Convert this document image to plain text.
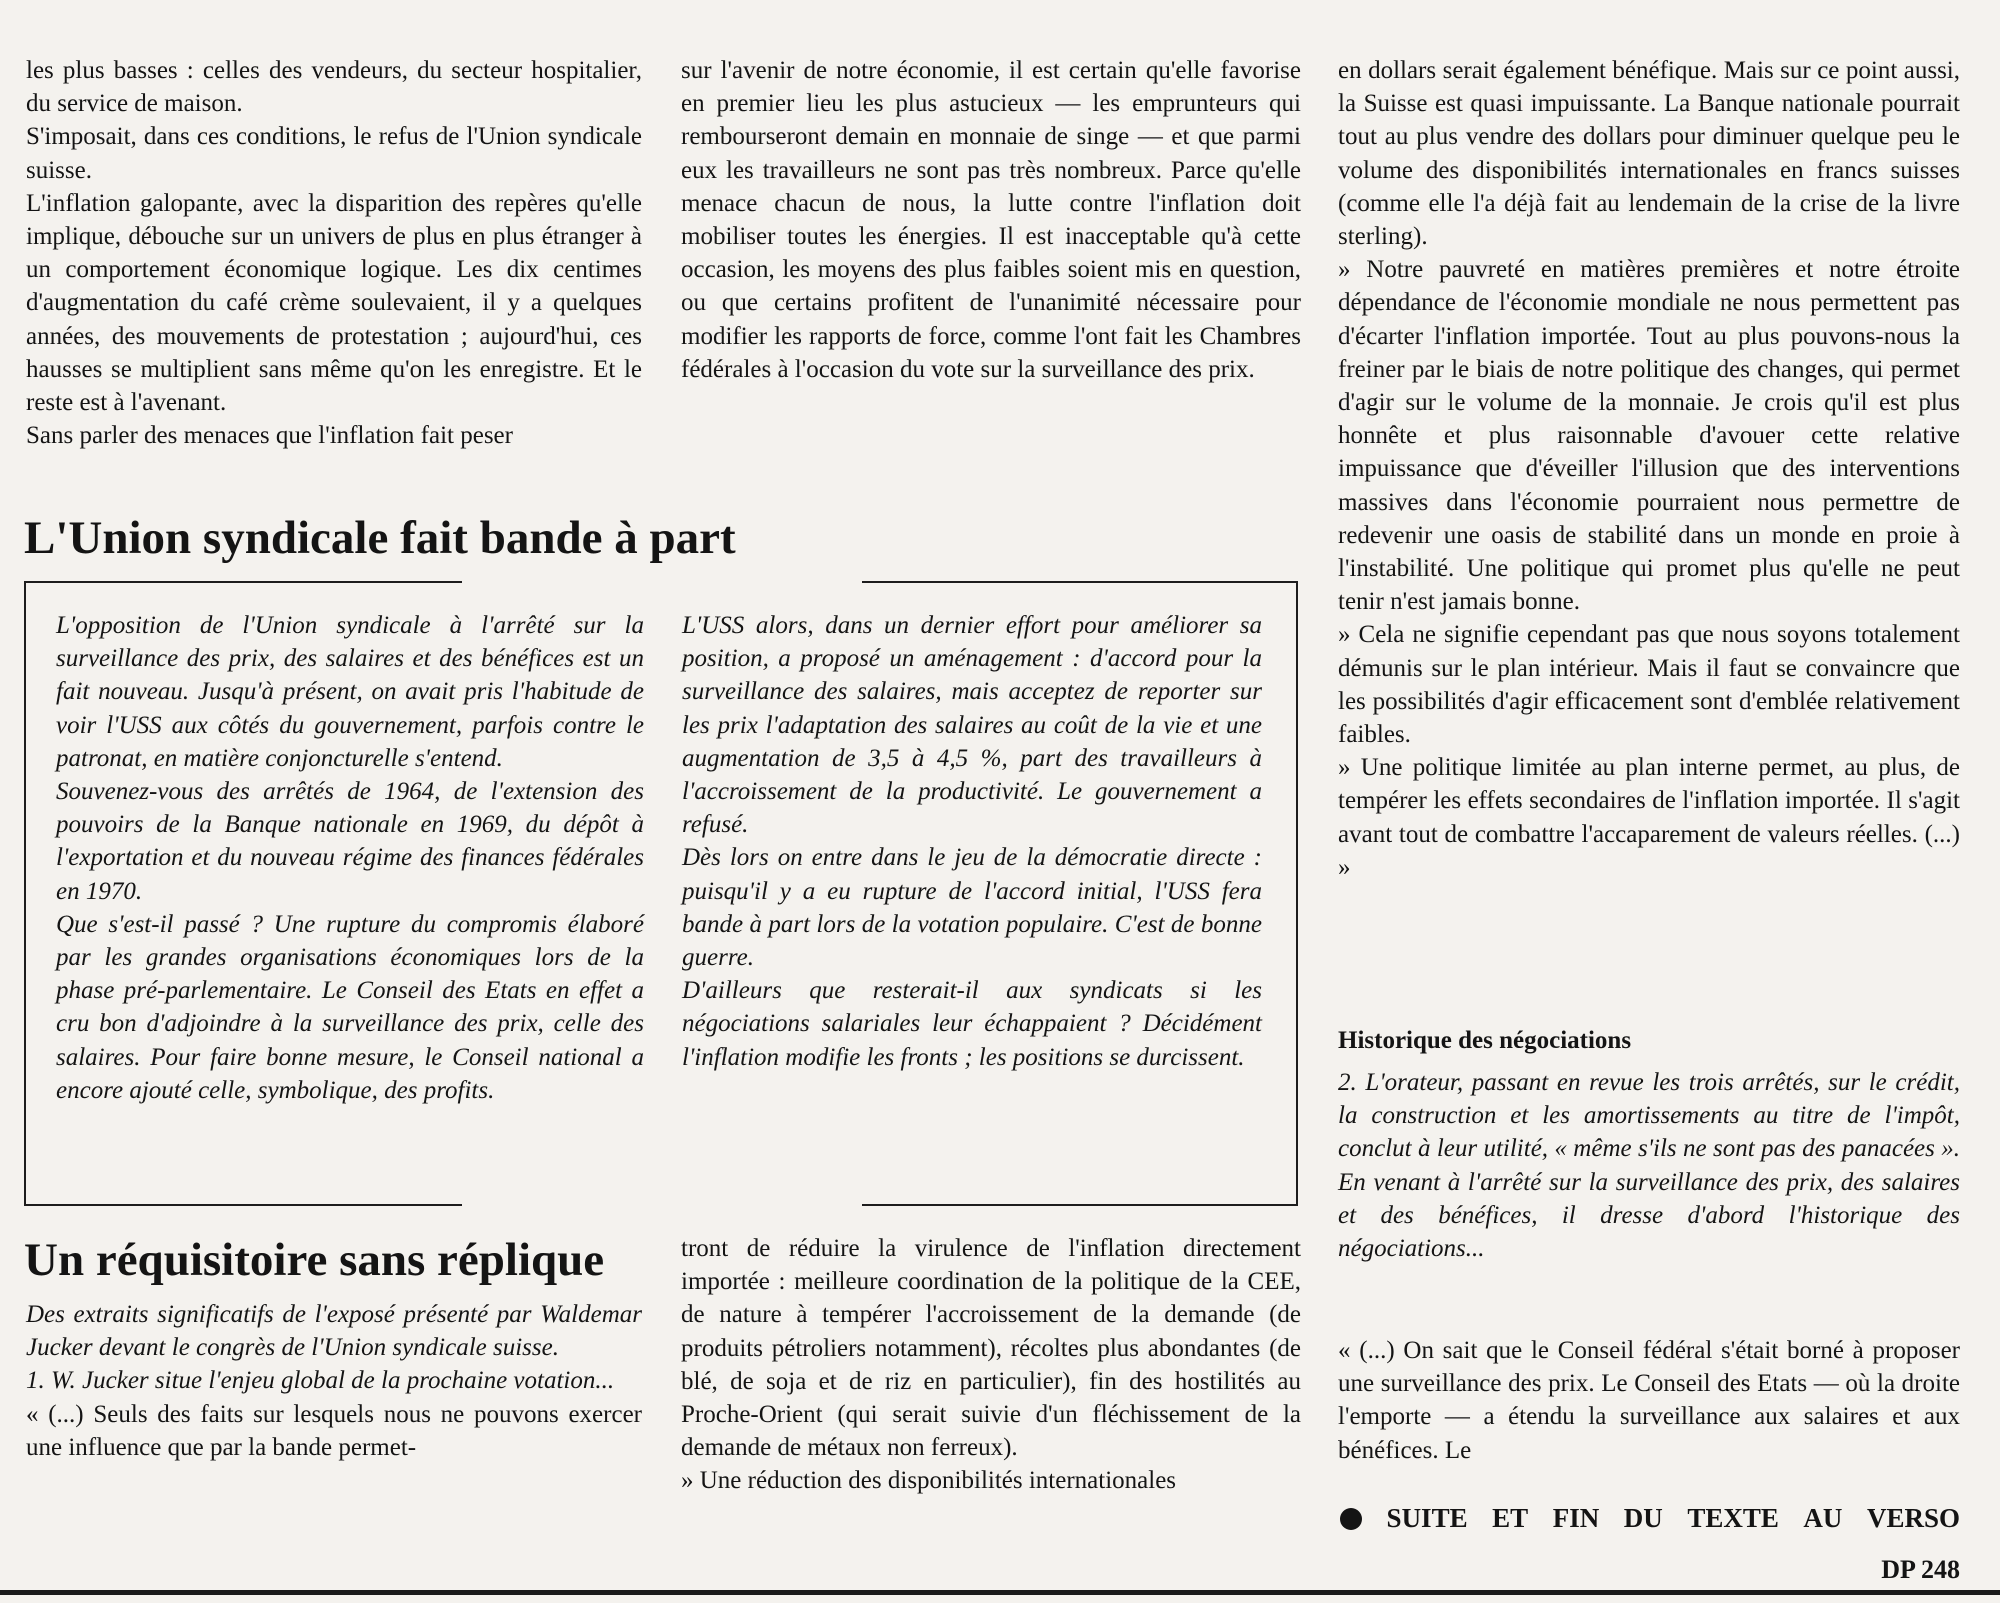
les plus basses : celles des vendeurs, du secteur hospitalier, du service de maison.

S'imposait, dans ces conditions, le refus de l'Union syndicale suisse.

L'inflation galopante, avec la disparition des repères qu'elle implique, débouche sur un univers de plus en plus étranger à un comportement économique logique. Les dix centimes d'augmentation du café crème soulevaient, il y a quelques années, des mouvements de protestation ; aujourd'hui, ces hausses se multiplient sans même qu'on les enregistre. Et le reste est à l'avenant.

Sans parler des menaces que l'inflation fait peser

sur l'avenir de notre économie, il est certain qu'elle favorise en premier lieu les plus astucieux — les emprunteurs qui rembourseront demain en monnaie de singe — et que parmi eux les travailleurs ne sont pas très nombreux. Parce qu'elle menace chacun de nous, la lutte contre l'inflation doit mobiliser toutes les énergies. Il est inacceptable qu'à cette occasion, les moyens des plus faibles soient mis en question, ou que certains profitent de l'unanimité nécessaire pour modifier les rapports de force, comme l'ont fait les Chambres fédérales à l'occasion du vote sur la surveillance des prix.

L'Union syndicale fait bande à part

L'opposition de l'Union syndicale à l'arrêté sur la surveillance des prix, des salaires et des bénéfices est un fait nouveau. Jusqu'à présent, on avait pris l'habitude de voir l'USS aux côtés du gouvernement, parfois contre le patronat, en matière conjoncturelle s'entend.

Souvenez-vous des arrêtés de 1964, de l'extension des pouvoirs de la Banque nationale en 1969, du dépôt à l'exportation et du nouveau régime des finances fédérales en 1970.

Que s'est-il passé ? Une rupture du compromis élaboré par les grandes organisations économiques lors de la phase pré-parlementaire. Le Conseil des Etats en effet a cru bon d'adjoindre à la surveillance des prix, celle des salaires. Pour faire bonne mesure, le Conseil national a encore ajouté celle, symbolique, des profits.

L'USS alors, dans un dernier effort pour améliorer sa position, a proposé un aménagement : d'accord pour la surveillance des salaires, mais acceptez de reporter sur les prix l'adaptation des salaires au coût de la vie et une augmentation de 3,5 à 4,5 %, part des travailleurs à l'accroissement de la productivité. Le gouvernement a refusé.

Dès lors on entre dans le jeu de la démocratie directe : puisqu'il y a eu rupture de l'accord initial, l'USS fera bande à part lors de la votation populaire. C'est de bonne guerre.

D'ailleurs que resterait-il aux syndicats si les négociations salariales leur échappaient ? Décidément l'inflation modifie les fronts ; les positions se durcissent.

Un réquisitoire sans réplique

Des extraits significatifs de l'exposé présenté par Waldemar Jucker devant le congrès de l'Union syndicale suisse.

1. W. Jucker situe l'enjeu global de la prochaine votation...

« (...) Seuls des faits sur lesquels nous ne pouvons exercer une influence que par la bande permet-

tront de réduire la virulence de l'inflation directement importée : meilleure coordination de la politique de la CEE, de nature à tempérer l'accroissement de la demande (de produits pétroliers notamment), récoltes plus abondantes (de blé, de soja et de riz en particulier), fin des hostilités au Proche-Orient (qui serait suivie d'un fléchissement de la demande de métaux non ferreux).

» Une réduction des disponibilités internationales

en dollars serait également bénéfique. Mais sur ce point aussi, la Suisse est quasi impuissante. La Banque nationale pourrait tout au plus vendre des dollars pour diminuer quelque peu le volume des disponibilités internationales en francs suisses (comme elle l'a déjà fait au lendemain de la crise de la livre sterling).

» Notre pauvreté en matières premières et notre étroite dépendance de l'économie mondiale ne nous permettent pas d'écarter l'inflation importée. Tout au plus pouvons-nous la freiner par le biais de notre politique des changes, qui permet d'agir sur le volume de la monnaie. Je crois qu'il est plus honnête et plus raisonnable d'avouer cette relative impuissance que d'éveiller l'illusion que des interventions massives dans l'économie pourraient nous permettre de redevenir une oasis de stabilité dans un monde en proie à l'instabilité. Une politique qui promet plus qu'elle ne peut tenir n'est jamais bonne.

» Cela ne signifie cependant pas que nous soyons totalement démunis sur le plan intérieur. Mais il faut se convaincre que les possibilités d'agir efficacement sont d'emblée relativement faibles.

» Une politique limitée au plan interne permet, au plus, de tempérer les effets secondaires de l'inflation importée. Il s'agit avant tout de combattre l'accaparement de valeurs réelles. (...) »

Historique des négociations

2. L'orateur, passant en revue les trois arrêtés, sur le crédit, la construction et les amortissements au titre de l'impôt, conclut à leur utilité, « même s'ils ne sont pas des panacées ». En venant à l'arrêté sur la surveillance des prix, des salaires et des bénéfices, il dresse d'abord l'historique des négociations...

« (...) On sait que le Conseil fédéral s'était borné à proposer une surveillance des prix. Le Conseil des Etats — où la droite l'emporte — a étendu la surveillance aux salaires et aux bénéfices. Le

SUITE ET FIN DU TEXTE AU VERSO

DP 248
